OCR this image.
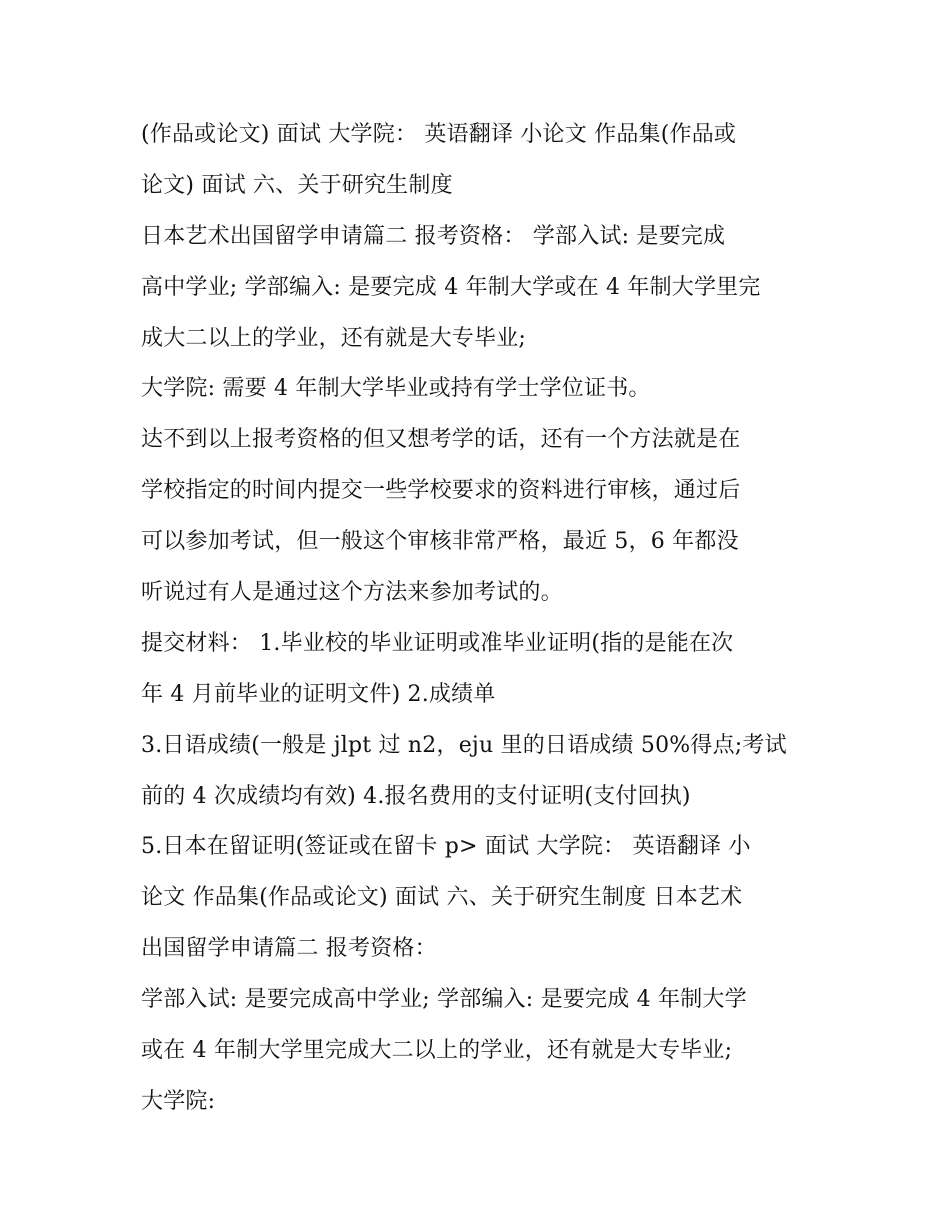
(作品或论文) 面试 大学院： 英语翻译 小论文 作品集(作品或
论文) 面试 六、关于研究生制度
日本艺术出国留学申请篇二 报考资格： 学部入试: 是要完成
高中学业; 学部编入: 是要完成 4 年制大学或在 4 年制大学里完
成大二以上的学业，还有就是大专毕业;
大学院: 需要 4 年制大学毕业或持有学士学位证书。
达不到以上报考资格的但又想考学的话，还有一个方法就是在
学校指定的时间内提交一些学校要求的资料进行审核，通过后
可以参加考试，但一般这个审核非常严格，最近 5，6 年都没
听说过有人是通过这个方法来参加考试的。
提交材料： 1.毕业校的毕业证明或准毕业证明(指的是能在次
年 4 月前毕业的证明文件) 2.成绩单
3.日语成绩(一般是 jlpt 过 n2，eju 里的日语成绩 50%得点;考试
前的 4 次成绩均有效) 4.报名费用的支付证明(支付回执)
5.日本在留证明(签证或在留卡 p> 面试 大学院： 英语翻译 小
论文 作品集(作品或论文) 面试 六、关于研究生制度 日本艺术
出国留学申请篇二 报考资格：
学部入试: 是要完成高中学业; 学部编入: 是要完成 4 年制大学
或在 4 年制大学里完成大二以上的学业，还有就是大专毕业;
大学院:
